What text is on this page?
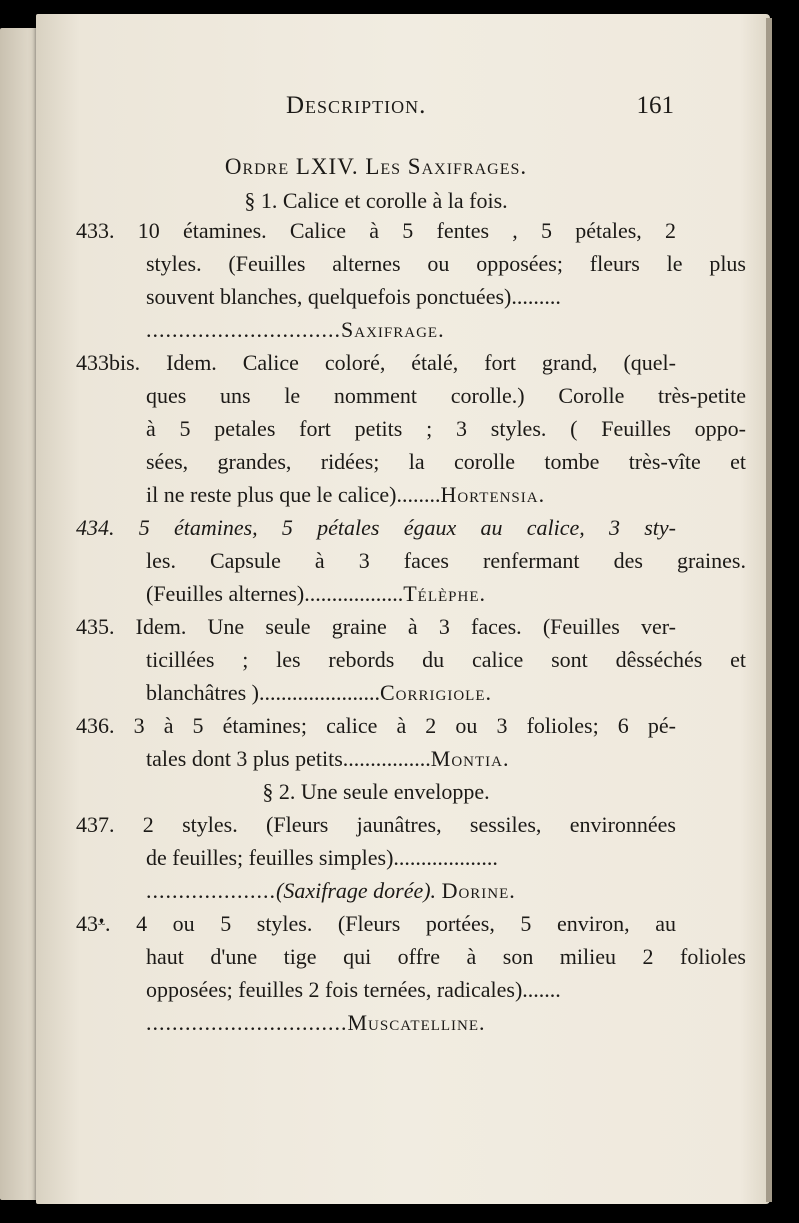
Description.	161
Ordre LXIV. Les Saxifrages.
§ 1. Calice et corolle à la fois.
433. 10 étamines. Calice à 5 fentes , 5 pétales, 2
styles. (Feuilles alternes ou opposées; fleurs le plus
souvent blanches, quelquefois ponctuées).........
..............................Saxifrage.
433bis. Idem. Calice coloré, étalé, fort grand, (quel-
ques uns le nomment corolle.) Corolle très-petite
à 5 petales fort petits ; 3 styles. ( Feuilles oppo-
sées, grandes, ridées; la corolle tombe très-vîte et
il ne reste plus que le calice)........Hortensia.
434. 5 étamines, 5 pétales égaux au calice, 3 sty-
les. Capsule à 3 faces renfermant des graines.
(Feuilles alternes)..................Télèphe.
435. Idem. Une seule graine à 3 faces. (Feuilles ver-
ticillées ; les rebords du calice sont dêsséchés et
blanchâtres )......................Corrigiole.
436. 3 à 5 étamines; calice à 2 ou 3 folioles; 6 pé-
tales dont 3 plus petits................Montia.
§ 2. Une seule enveloppe.
437. 2 styles. (Fleurs jaunâtres, sessiles, environnées
de feuilles; feuilles simples)...................
....................(Saxifrage dorée). Dorine.
43ᵜ. 4 ou 5 styles. (Fleurs portées, 5 environ, au
haut d'une tige qui offre à son milieu 2 folioles
opposées; feuilles 2 fois ternées, radicales).......
...............................Muscatelline.
